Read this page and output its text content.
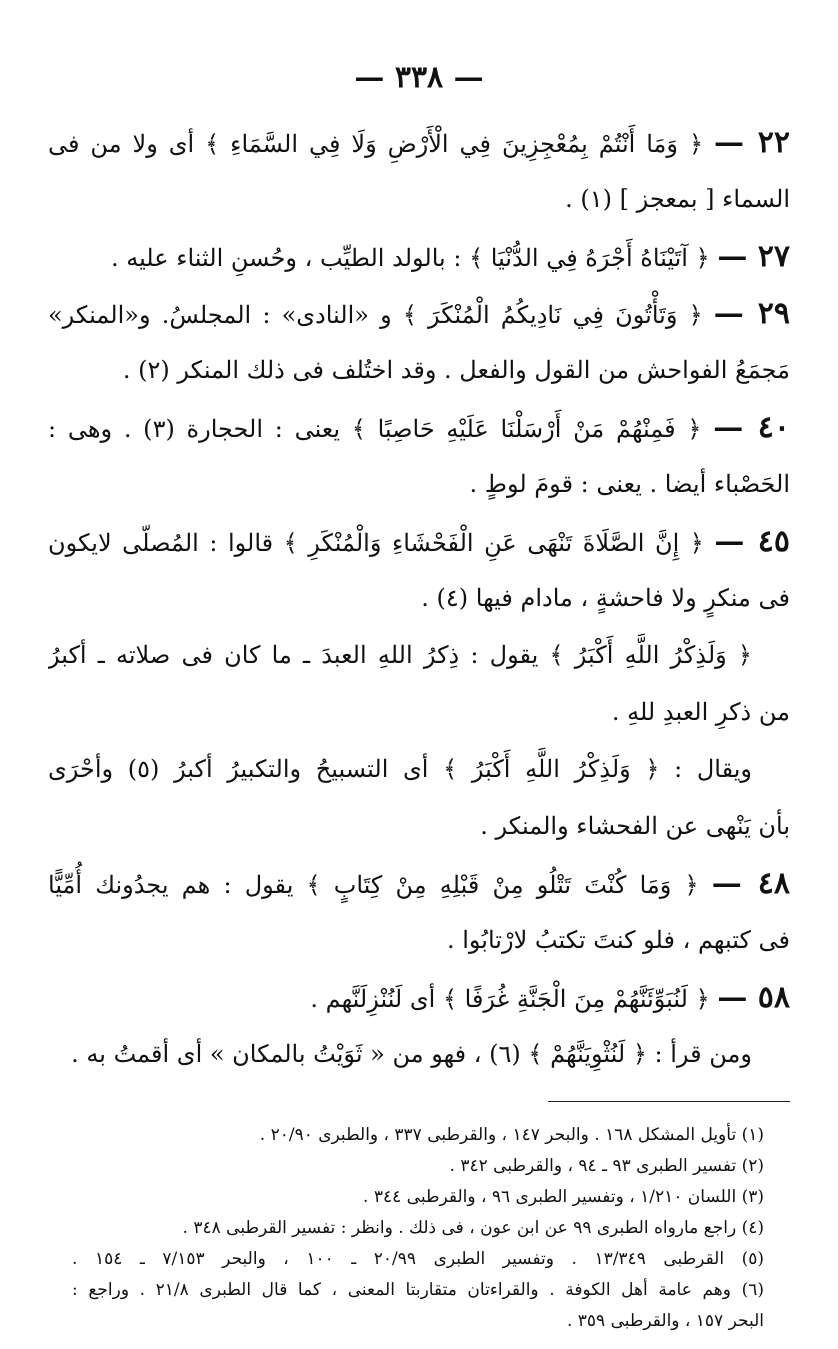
— ٣٣٨ —
٢٢ — ﴿ وَمَا أَنْتُمْ بِمُعْجِزِينَ فِي الْأَرْضِ وَلَا فِي السَّمَاءِ ﴾ أى ولا من فى
السماء [ بمعجز ] (١) .
٢٧ — ﴿ آتَيْنَاهُ أَجْرَهُ فِي الدُّنْيَا ﴾ : بالولد الطيِّب ، وحُسنِ الثناء عليه .
٢٩ — ﴿ وَتَأْتُونَ فِي نَادِيكُمُ الْمُنْكَرَ ﴾ و «النادى» : المجلسُ. و«المنكر»
مَجمَعُ الفواحش من القول والفعل . وقد اختُلف فى ذلك المنكر (٢) .
٤٠ — ﴿ فَمِنْهُمْ مَنْ أَرْسَلْنَا عَلَيْهِ حَاصِبًا ﴾ يعنى : الحجارة (٣) . وهى :
الحَصْباء أيضا . يعنى : قومَ لوطٍ .
٤٥ — ﴿ إِنَّ الصَّلَاةَ تَنْهَى عَنِ الْفَحْشَاءِ وَالْمُنْكَرِ ﴾ قالوا : المُصلّى لايكون
فى منكرٍ ولا فاحشةٍ ، مادام فيها (٤) .
﴿ وَلَذِكْرُ اللَّهِ أَكْبَرُ ﴾ يقول : ذِكرُ اللهِ العبدَ ـ ما كان فى صلاته ـ أكبرُ
من ذكرِ العبدِ للهِ .
ويقال : ﴿ وَلَذِكْرُ اللَّهِ أَكْبَرُ ﴾ أى التسبيحُ والتكبيرُ أكبرُ (٥) وأحْرَى
بأن يَنْهى عن الفحشاء والمنكر .
٤٨ — ﴿ وَمَا كُنْتَ تَتْلُو مِنْ قَبْلِهِ مِنْ كِتَابٍ ﴾ يقول : هم يجدُونك أُمِّيًّا
فى كتبهم ، فلو كنتَ تكتبُ لارْتابُوا .
٥٨ — ﴿ لَنُبَوِّئَنَّهُمْ مِنَ الْجَنَّةِ غُرَفًا ﴾ أى لَنُنْزِلَنَّهم .
ومن قرأ : ﴿ لَنُثْوِيَنَّهُمْ ﴾ (٦) ، فهو من « ثَوَيْتُ بالمكان » أى أقمتُ به .
(١) تأويل المشكل ١٦٨ . والبحر ١٤٧ ، والقرطبى ٣٣٧ ، والطبرى ٢٠/٩٠ .
(٢) تفسير الطبرى ٩٣ ـ ٩٤ ، والقرطبى ٣٤٢ .
(٣) اللسان ١/٢١٠ ، وتفسير الطبرى ٩٦ ، والقرطبى ٣٤٤ .
(٤) راجع مارواه الطبرى ٩٩ عن ابن عون ، فى ذلك . وانظر : تفسير القرطبى ٣٤٨ .
(٥) القرطبى ١٣/٣٤٩ . وتفسير الطبرى ٢٠/٩٩ ـ ١٠٠ ، والبحر ٧/١٥٣ ـ ١٥٤ .
(٦) وهم عامة أهل الكوفة . والقراءتان متقاربتا المعنى ، كما قال الطبرى ٢١/٨ . وراجع :
البحر ١٥٧ ، والقرطبى ٣٥٩ .
